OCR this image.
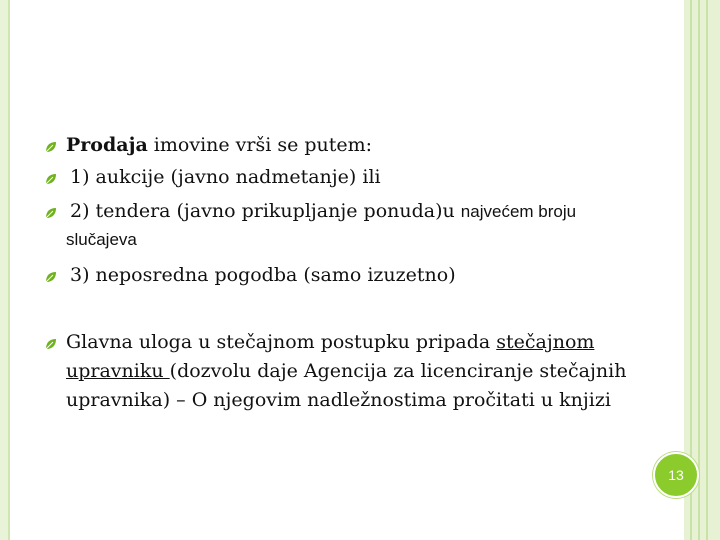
Prodaja imovine vrši se putem:
1) aukcije (javno nadmetanje) ili
2) tendera (javno prikupljanje ponuda)u najvećem broju
slučajeva
3) neposredna pogodba (samo izuzetno)
Glavna uloga u stečajnom postupku pripada stečajnom
upravniku (dozvolu daje Agencija za licenciranje stečajnih upravnika) – O njegovim nadležnostima pročitati u knjizi
13
